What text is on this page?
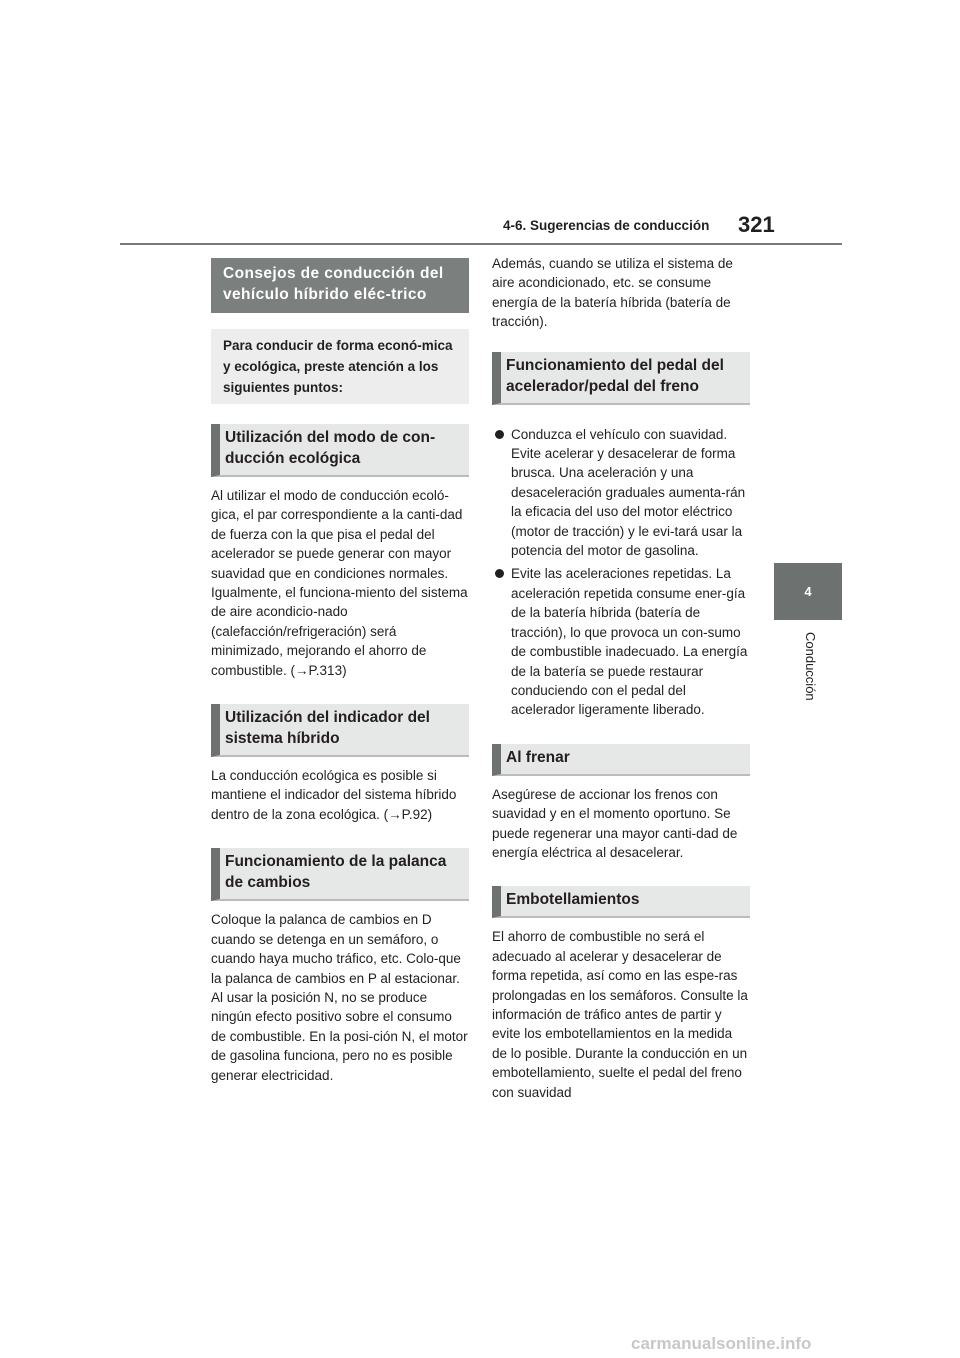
4-6. Sugerencias de conducción 321
4
Conducción
Consejos de conducción del vehículo híbrido eléc-trico
Para conducir de forma econó-mica y ecológica, preste atención a los siguientes puntos:
Utilización del modo de con-ducción ecológica

Al utilizar el modo de conducción ecoló-gica, el par correspondiente a la canti-dad de fuerza con la que pisa el pedal del acelerador se puede generar con mayor suavidad que en condiciones normales. Igualmente, el funciona-miento del sistema de aire acondicio-nado (calefacción/refrigeración) será minimizado, mejorando el ahorro de combustible. (→P.313)

Utilización del indicador del sistema híbrido

La conducción ecológica es posible si mantiene el indicador del sistema híbrido dentro de la zona ecológica. (→P.92)

Funcionamiento de la palanca de cambios

Coloque la palanca de cambios en D cuando se detenga en un semáforo, o cuando haya mucho tráfico, etc. Colo-que la palanca de cambios en P al estacionar. Al usar la posición N, no se produce ningún efecto positivo sobre el consumo de combustible. En la posi-ción N, el motor de gasolina funciona, pero no es posible generar electricidad.

Además, cuando se utiliza el sistema de aire acondicionado, etc. se consume energía de la batería híbrida (batería de tracción).

Funcionamiento del pedal del acelerador/pedal del freno
Conduzca el vehículo con suavidad. Evite acelerar y desacelerar de forma brusca. Una aceleración y una desaceleración graduales aumenta-rán la eficacia del uso del motor eléctrico (motor de tracción) y le evi-tará usar la potencia del motor de gasolina.
Evite las aceleraciones repetidas. La aceleración repetida consume ener-gía de la batería híbrida (batería de tracción), lo que provoca un con-sumo de combustible inadecuado. La energía de la batería se puede restaurar conduciendo con el pedal del acelerador ligeramente liberado.
Al frenar

Asegúrese de accionar los frenos con suavidad y en el momento oportuno. Se puede regenerar una mayor canti-dad de energía eléctrica al desacelerar.

Embotellamientos

El ahorro de combustible no será el adecuado al acelerar y desacelerar de forma repetida, así como en las espe-ras prolongadas en los semáforos. Consulte la información de tráfico antes de partir y evite los embotellamientos en la medida de lo posible. Durante la conducción en un embotellamiento, suelte el pedal del freno con suavidad

carmanualsonline.info
